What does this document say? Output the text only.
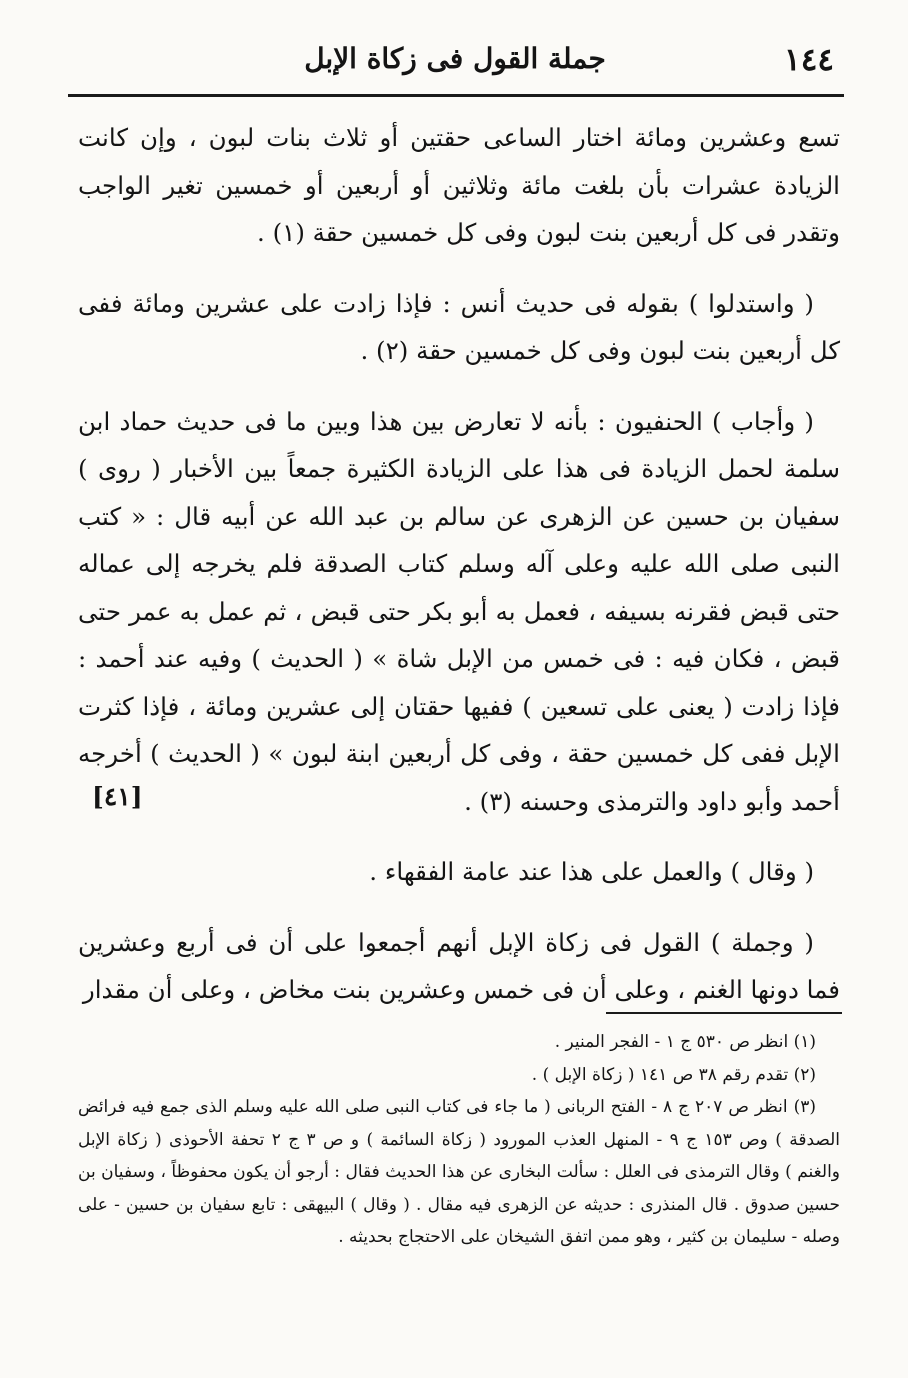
١٤٤
جملة القول فى زكاة الإبل

تسع وعشرين ومائة اختار الساعى حقتين أو ثلاث بنات لبون ، وإن كانت الزيادة عشرات بأن بلغت مائة وثلاثين أو أربعين أو خمسين تغير الواجب وتقدر فى كل أربعين بنت لبون وفى كل خمسين حقة (١) .

( واستدلوا ) بقوله فى حديث أنس : فإذا زادت على عشرين ومائة ففى كل أربعين بنت لبون وفى كل خمسين حقة (٢) .

( وأجاب ) الحنفيون : بأنه لا تعارض بين هذا وبين ما فى حديث حماد ابن سلمة لحمل الزيادة فى هذا على الزيادة الكثيرة جمعاً بين الأخبار ( روى ) سفيان بن حسين عن الزهرى عن سالم بن عبد الله عن أبيه قال : « كتب النبى صلى الله عليه وعلى آله وسلم كتاب الصدقة فلم يخرجه إلى عماله حتى قبض فقرنه بسيفه ، فعمل به أبو بكر حتى قبض ، ثم عمل به عمر حتى قبض ، فكان فيه : فى خمس من الإبل شاة » ( الحديث ) وفيه عند أحمد : فإذا زادت ( يعنى على تسعين ) ففيها حقتان إلى عشرين ومائة ، فإذا كثرت الإبل ففى كل خمسين حقة ، وفى كل أربعين ابنة لبون » ( الحديث ) أخرجه أحمد وأبو داود والترمذى وحسنه (٣) .

( وقال ) والعمل على هذا عند عامة الفقهاء .

( وجملة ) القول فى زكاة الإبل أنهم أجمعوا على أن فى أربع وعشرين فما دونها الغنم ، وعلى أن فى خمس وعشرين بنت مخاض ، وعلى أن مقدار

[٤١]

(١) انظر ص ٥٣٠ ج ١ - الفجر المنير .

(٢) تقدم رقم ٣٨ ص ١٤١ ( زكاة الإبل ) .

(٣) انظر ص ٢٠٧ ج ٨ - الفتح الربانى ( ما جاء فى كتاب النبى صلى الله عليه وسلم الذى جمع فيه فرائض الصدقة ) وص ١٥٣ ج ٩ - المنهل العذب المورود ( زكاة السائمة ) و ص ٣ ج ٢ تحفة الأحوذى ( زكاة الإبل والغنم ) وقال الترمذى فى العلل : سألت البخارى عن هذا الحديث فقال : أرجو أن يكون محفوظاً ، وسفيان بن حسين صدوق . قال المنذرى : حديثه عن الزهرى فيه مقال . ( وقال ) البيهقى : تابع سفيان بن حسين - على وصله - سليمان بن كثير ، وهو ممن اتفق الشيخان على الاحتجاج بحديثه .
